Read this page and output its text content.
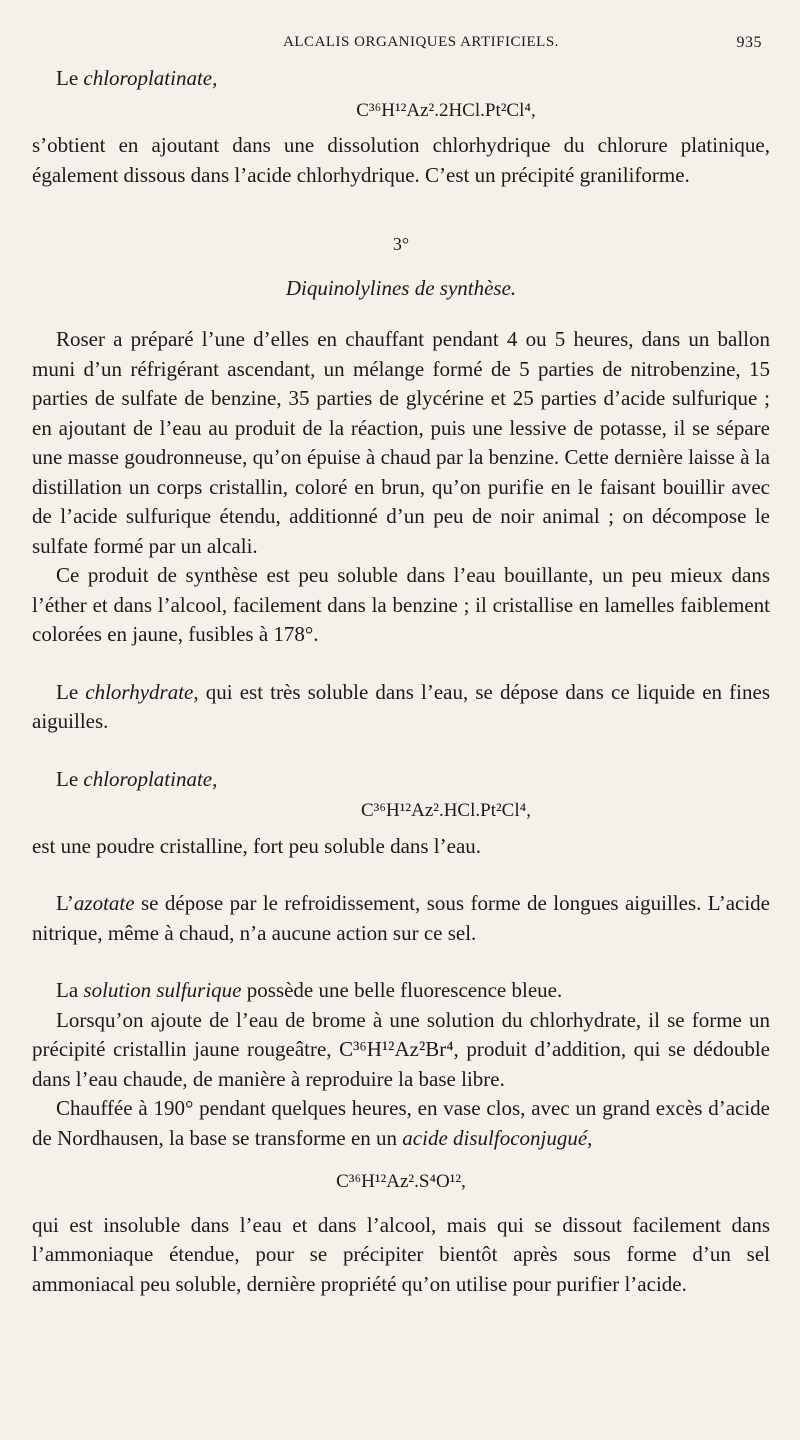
ALCALIS ORGANIQUES ARTIFICIELS.	935

Le chloroplatinate,

C³⁶H¹²Az².2HCl.Pt²Cl⁴,

s’obtient en ajoutant dans une dissolution chlorhydrique du chlorure platinique, également dissous dans l’acide chlorhydrique. C’est un précipité graniliforme.

3°
Diquinolylines de synthèse.

Roser a préparé l’une d’elles en chauffant pendant 4 ou 5 heures, dans un ballon muni d’un réfrigérant ascendant, un mélange formé de 5 parties de nitrobenzine, 15 parties de sulfate de benzine, 35 parties de glycérine et 25 parties d’acide sulfurique ; en ajoutant de l’eau au produit de la réaction, puis une lessive de potasse, il se sépare une masse goudronneuse, qu’on épuise à chaud par la benzine. Cette dernière laisse à la distillation un corps cristallin, coloré en brun, qu’on purifie en le faisant bouillir avec de l’acide sulfurique étendu, additionné d’un peu de noir animal ; on décompose le sulfate formé par un alcali.

Ce produit de synthèse est peu soluble dans l’eau bouillante, un peu mieux dans l’éther et dans l’alcool, facilement dans la benzine ; il cristallise en lamelles faiblement colorées en jaune, fusibles à 178°.

Le chlorhydrate, qui est très soluble dans l’eau, se dépose dans ce liquide en fines aiguilles.

Le chloroplatinate,

C³⁶H¹²Az².HCl.Pt²Cl⁴,

est une poudre cristalline, fort peu soluble dans l’eau.

L’azotate se dépose par le refroidissement, sous forme de longues aiguilles. L’acide nitrique, même à chaud, n’a aucune action sur ce sel.

La solution sulfurique possède une belle fluorescence bleue.

Lorsqu’on ajoute de l’eau de brome à une solution du chlorhydrate, il se forme un précipité cristallin jaune rougeâtre, C³⁶H¹²Az²Br⁴, produit d’addition, qui se dédouble dans l’eau chaude, de manière à reproduire la base libre.

Chauffée à 190° pendant quelques heures, en vase clos, avec un grand excès d’acide de Nordhausen, la base se transforme en un acide disulfoconjugué,

C³⁶H¹²Az².S⁴O¹²,

qui est insoluble dans l’eau et dans l’alcool, mais qui se dissout facilement dans l’ammoniaque étendue, pour se précipiter bientôt après sous forme d’un sel ammoniacal peu soluble, dernière propriété qu’on utilise pour purifier l’acide.
